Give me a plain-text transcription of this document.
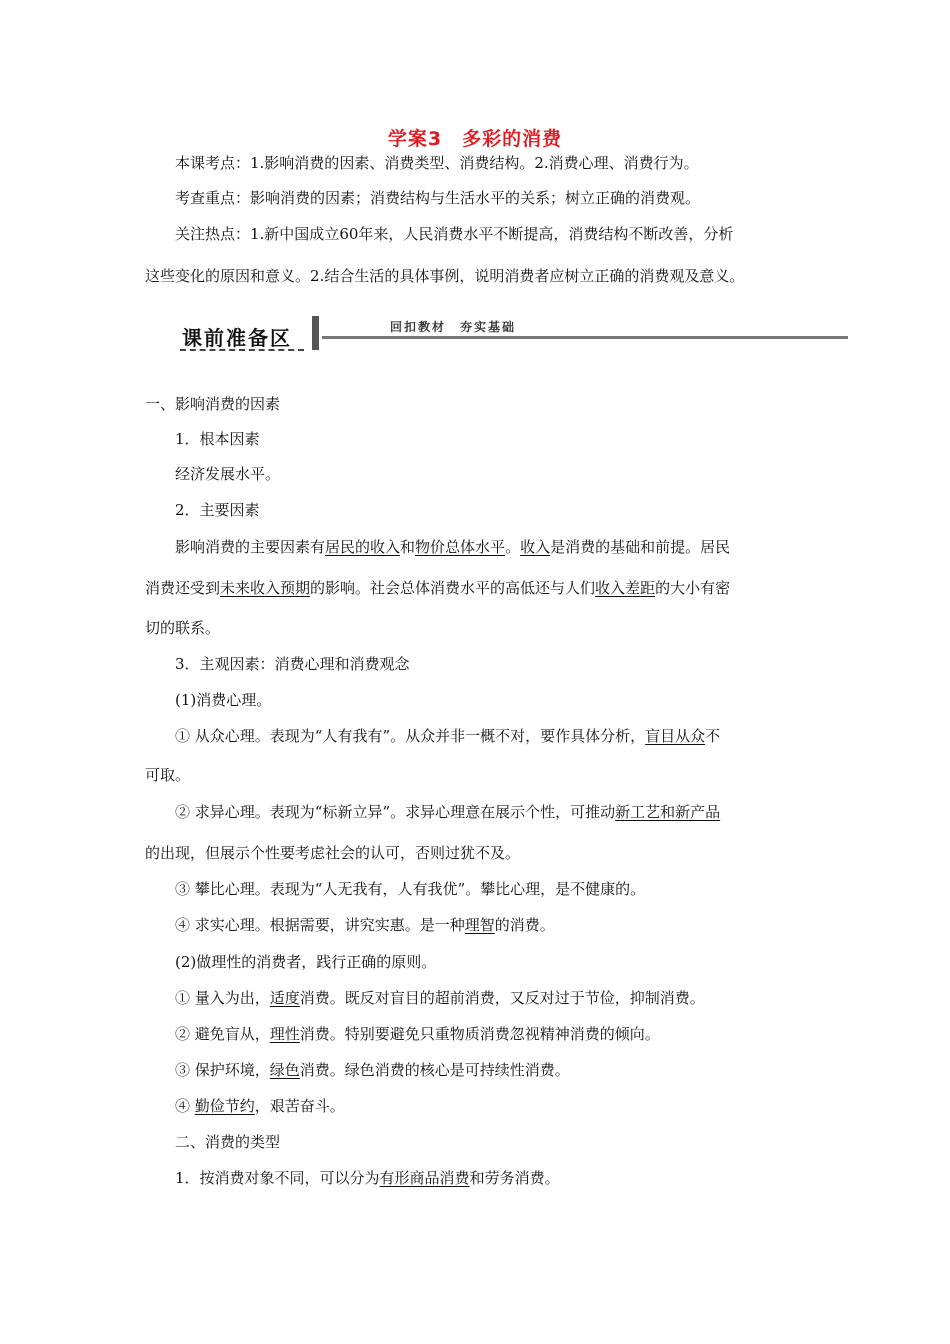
学案3　多彩的消费
本课考点：1.影响消费的因素、消费类型、消费结构。2.消费心理、消费行为。
考查重点：影响消费的因素；消费结构与生活水平的关系；树立正确的消费观。
关注热点：1.新中国成立60年来，人民消费水平不断提高，消费结构不断改善，分析
这些变化的原因和意义。2.结合生活的具体事例，说明消费者应树立正确的消费观及意义。
课前准备区	回扣教材　夯实基础
一、影响消费的因素
1．根本因素
经济发展水平。
2．主要因素
影响消费的主要因素有居民的收入和物价总体水平。收入是消费的基础和前提。居民
消费还受到未来收入预期的影响。社会总体消费水平的高低还与人们收入差距的大小有密
切的联系。
3．主观因素：消费心理和消费观念
(1)消费心理。
① 从众心理。表现为“人有我有”。从众并非一概不对，要作具体分析，盲目从众不
可取。
② 求异心理。表现为“标新立异”。求异心理意在展示个性，可推动新工艺和新产品
的出现，但展示个性要考虑社会的认可，否则过犹不及。
③ 攀比心理。表现为“人无我有，人有我优”。攀比心理，是不健康的。
④ 求实心理。根据需要，讲究实惠。是一种理智的消费。
(2)做理性的消费者，践行正确的原则。
① 量入为出，适度消费。既反对盲目的超前消费，又反对过于节俭，抑制消费。
② 避免盲从，理性消费。特别要避免只重物质消费忽视精神消费的倾向。
③ 保护环境，绿色消费。绿色消费的核心是可持续性消费。
④ 勤俭节约，艰苦奋斗。
二、消费的类型
1．按消费对象不同，可以分为有形商品消费和劳务消费。
